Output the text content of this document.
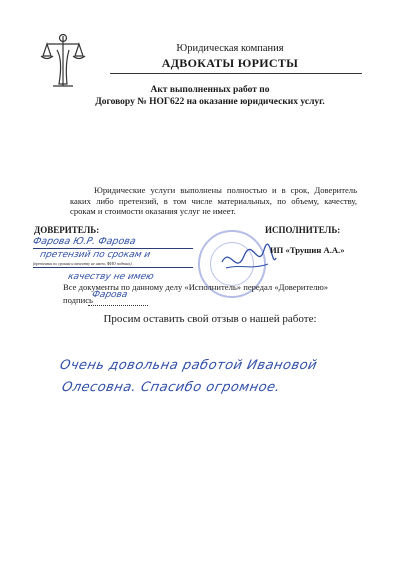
Юридическая компания
АДВОКАТЫ ЮРИСТЫ
Акт выполненных работ по
Договору № НОГ622 на оказание юридических услуг.
Юридические услуги выполнены полностью и в срок, Доверитель каких либо претензий, в том числе материальных, по объему, качеству, срокам и стоимости оказания услуг не имеет.
ДОВЕРИТЕЛЬ:	ИСПОЛНИТЕЛЬ:
Фарова Ю.Р. Фарова
претензий по срокам и
(претензии по срокам и качеству не имею, ФИО подпись)
качеству не имею
ИП «Трушин А.А.»
Все документы по данному делу «Исполнитель» передал «Доверителю»
подпись
Фарова
Просим оставить свой отзыв о нашей работе:
Очень довольна работой Ивановой
Олесовна. Спасибо огромное.
